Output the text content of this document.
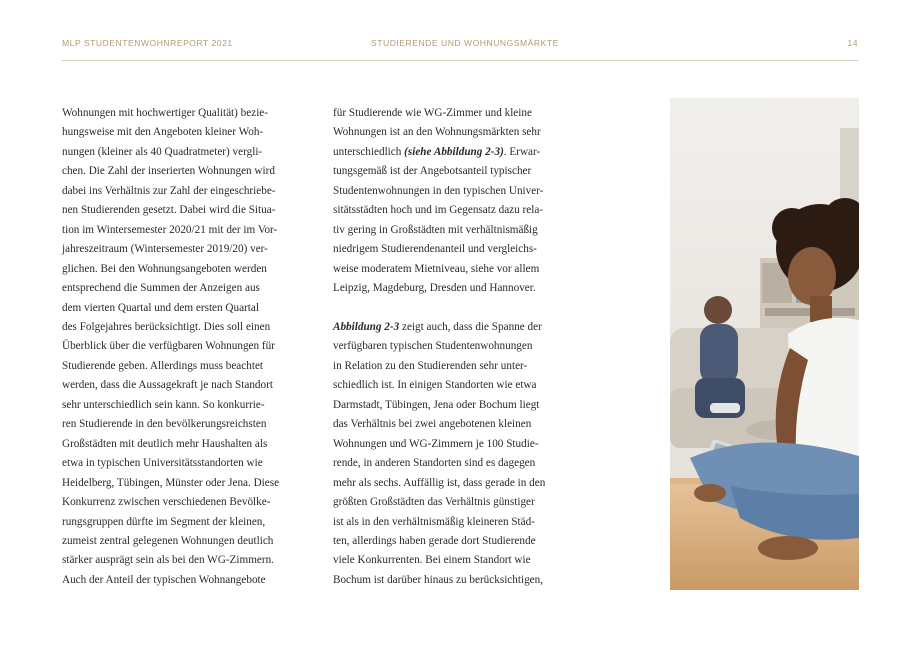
MLP STUDENTENWOHNREPORT 2021	STUDIERENDE UND WOHNUNGSMÄRKTE	14
Wohnungen mit hochwertiger Qualität) bezie-
hungsweise mit den Angeboten kleiner Woh-
nungen (kleiner als 40 Quadratmeter) vergli-
chen. Die Zahl der inserierten Wohnungen wird
dabei ins Verhältnis zur Zahl der eingeschriebe-
nen Studierenden gesetzt. Dabei wird die Situa-
tion im Wintersemester 2020/21 mit der im Vor-
jahreszeitraum (Wintersemester 2019/20) ver-
glichen. Bei den Wohnungsangeboten werden
entsprechend die Summen der Anzeigen aus
dem vierten Quartal und dem ersten Quartal
des Folgejahres berücksichtigt. Dies soll einen
Überblick über die verfügbaren Wohnungen für
Studierende geben. Allerdings muss beachtet
werden, dass die Aussagekraft je nach Standort
sehr unterschiedlich sein kann. So konkurrie-
ren Studierende in den bevölkerungsreichsten
Großstädten mit deutlich mehr Haushalten als
etwa in typischen Universitätsstandorten wie
Heidelberg, Tübingen, Münster oder Jena. Diese
Konkurrenz zwischen verschiedenen Bevölke-
rungsgruppen dürfte im Segment der kleinen,
zumeist zentral gelegenen Wohnungen deutlich
stärker ausprägt sein als bei den WG-Zimmern.
Auch der Anteil der typischen Wohnangebote
für Studierende wie WG-Zimmer und kleine
Wohnungen ist an den Wohnungsmärkten sehr
unterschiedlich (siehe Abbildung 2-3). Erwar-
tungsgemäß ist der Angebotsanteil typischer
Studentenwohnungen in den typischen Univer-
sitätsstädten hoch und im Gegensatz dazu rela-
tiv gering in Großstädten mit verhältnismäßig
niedrigem Studierendenanteil und vergleichs-
weise moderatem Mietniveau, siehe vor allem
Leipzig, Magdeburg, Dresden und Hannover.
Abbildung 2-3 zeigt auch, dass die Spanne der
verfügbaren typischen Studentenwohnungen
in Relation zu den Studierenden sehr unter-
schiedlich ist. In einigen Standorten wie etwa
Darmstadt, Tübingen, Jena oder Bochum liegt
das Verhältnis bei zwei angebotenen kleinen
Wohnungen und WG-Zimmern je 100 Studie-
rende, in anderen Standorten sind es dagegen
mehr als sechs. Auffällig ist, dass gerade in den
größten Großstädten das Verhältnis günstiger
ist als in den verhältnismäßig kleineren Städ-
ten, allerdings haben gerade dort Studierende
viele Konkurrenten. Bei einem Standort wie
Bochum ist darüber hinaus zu berücksichtigen,
